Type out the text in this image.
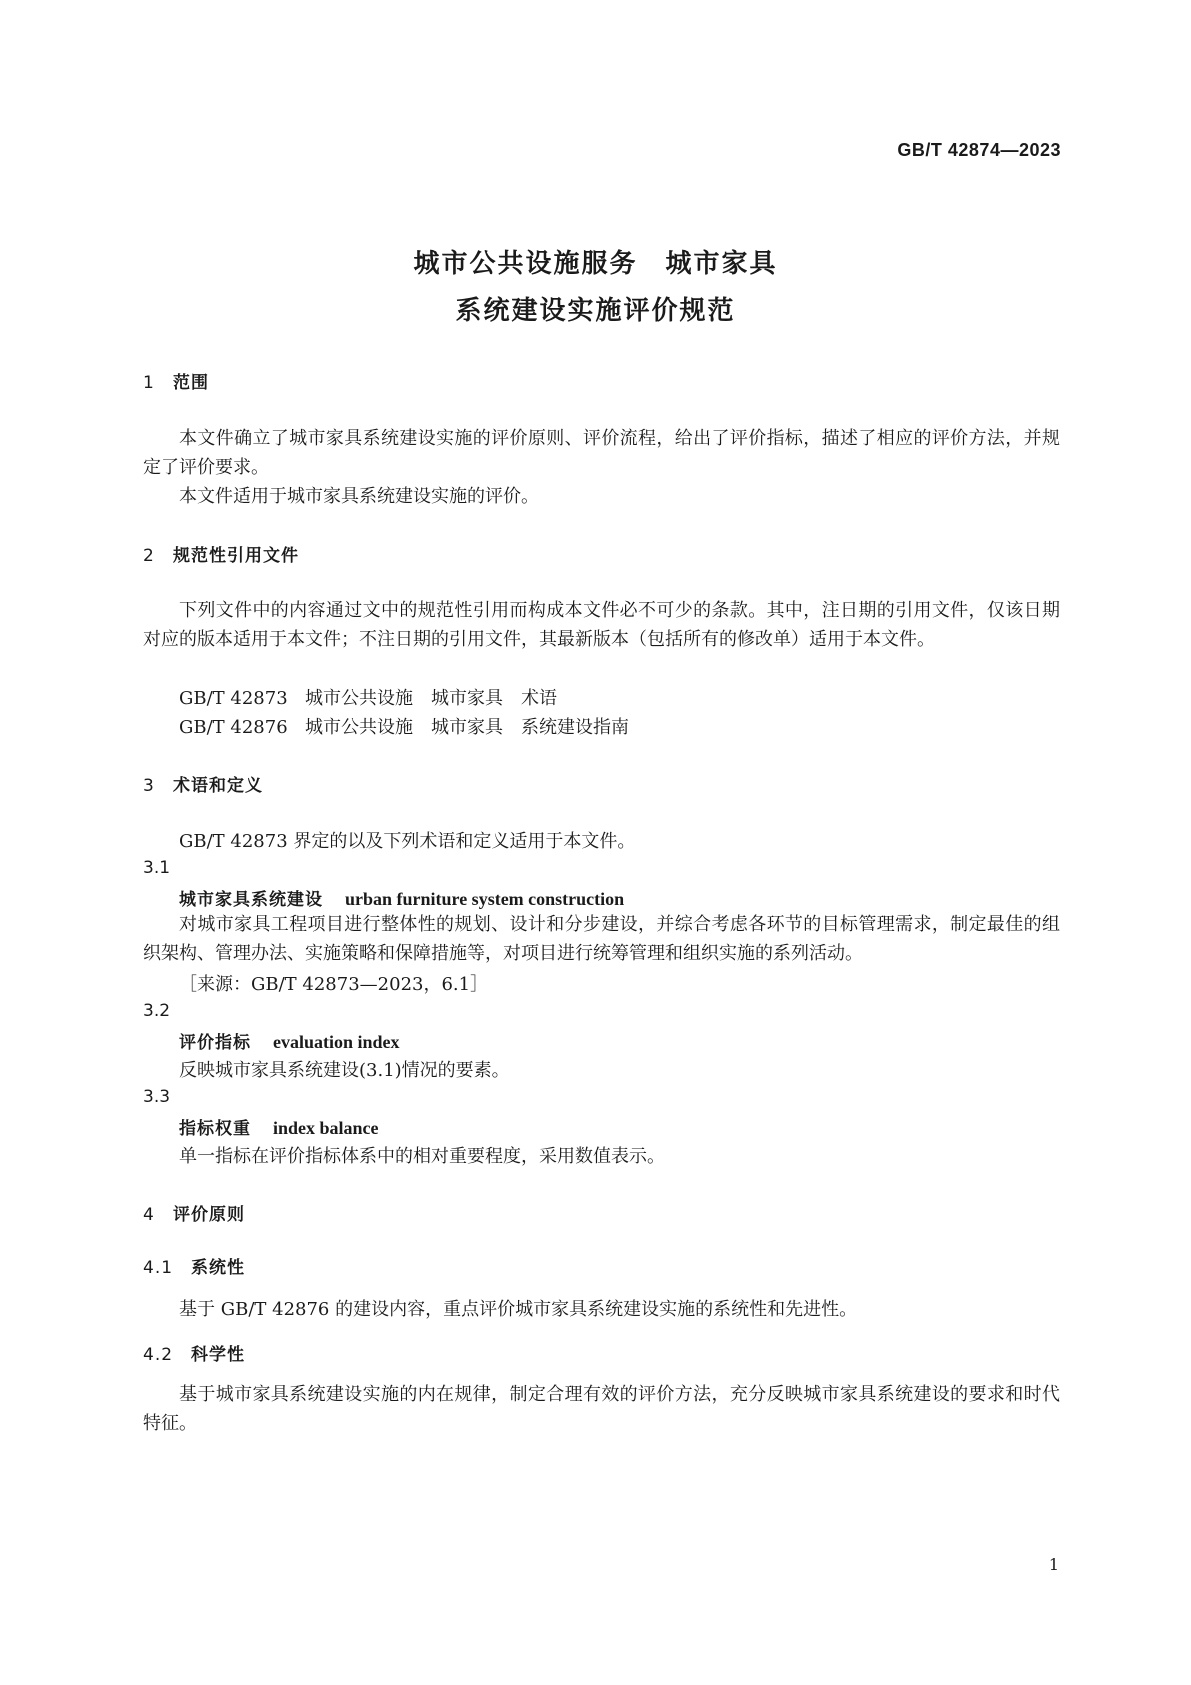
GB/T 42874—2023
城市公共设施服务　城市家具
系统建设实施评价规范
1 范围
本文件确立了城市家具系统建设实施的评价原则、评价流程，给出了评价指标，描述了相应的评价方法，并规定了评价要求。
本文件适用于城市家具系统建设实施的评价。
2 规范性引用文件
下列文件中的内容通过文中的规范性引用而构成本文件必不可少的条款。其中，注日期的引用文件，仅该日期对应的版本适用于本文件；不注日期的引用文件，其最新版本（包括所有的修改单）适用于本文件。
GB/T 42873 城市公共设施 城市家具 术语
GB/T 42876 城市公共设施 城市家具 系统建设指南
3 术语和定义
GB/T 42873 界定的以及下列术语和定义适用于本文件。
3.1
城市家具系统建设 urban furniture system construction
对城市家具工程项目进行整体性的规划、设计和分步建设，并综合考虑各环节的目标管理需求，制定最佳的组织架构、管理办法、实施策略和保障措施等，对项目进行统筹管理和组织实施的系列活动。
［来源：GB/T 42873—2023，6.1］
3.2
评价指标 evaluation index
反映城市家具系统建设(3.1)情况的要素。
3.3
指标权重 index balance
单一指标在评价指标体系中的相对重要程度，采用数值表示。
4 评价原则
4.1 系统性
基于 GB/T 42876 的建设内容，重点评价城市家具系统建设实施的系统性和先进性。
4.2 科学性
基于城市家具系统建设实施的内在规律，制定合理有效的评价方法，充分反映城市家具系统建设的要求和时代特征。
1
